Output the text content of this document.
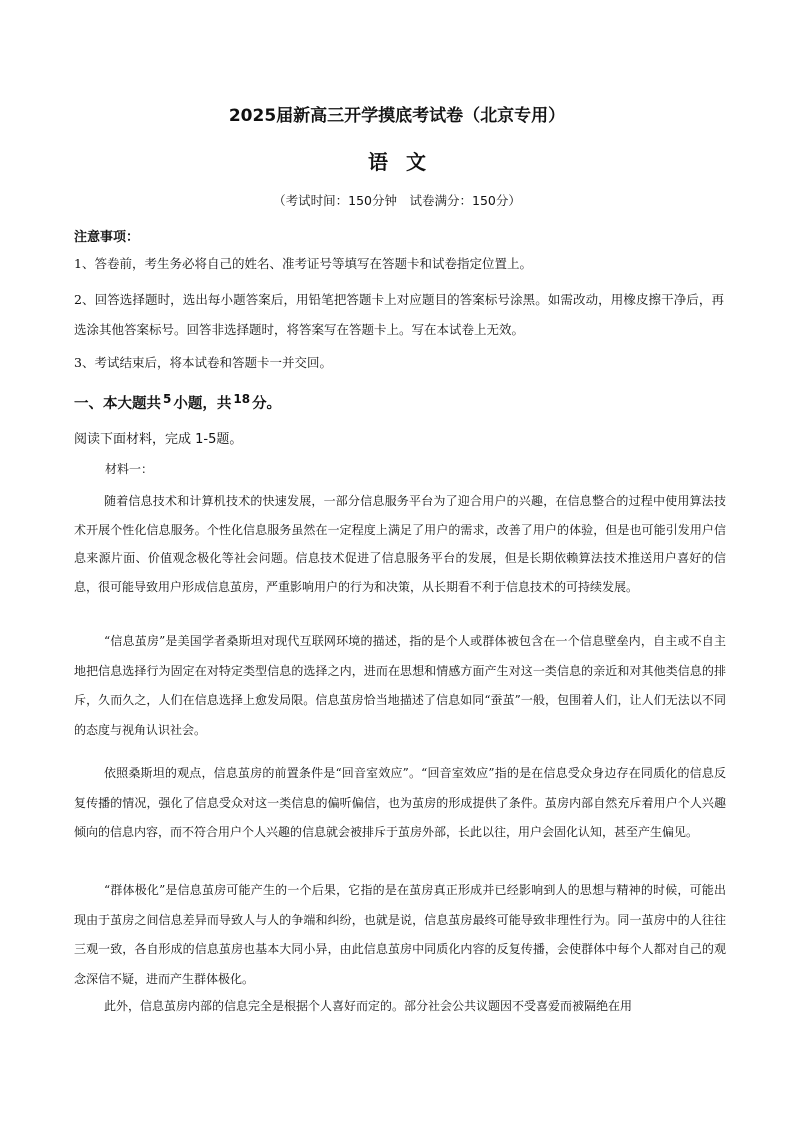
2025届新高三开学摸底考试卷（北京专用）
语文
（考试时间：150分钟　试卷满分：150分）
注意事项：
1、答卷前，考生务必将自己的姓名、准考证号等填写在答题卡和试卷指定位置上。
2、回答选择题时，选出每小题答案后，用铅笔把答题卡上对应题目的答案标号涂黑。如需改动，用橡皮擦干净后，再选涂其他答案标号。回答非选择题时，将答案写在答题卡上。写在本试卷上无效。
3、考试结束后，将本试卷和答题卡一并交回。
一、本大题共 $^5$ 小题，共 $^{18}$ 分。
阅读下面材料，完成 1-5题。
材料一：
随着信息技术和计算机技术的快速发展，一部分信息服务平台为了迎合用户的兴趣，在信息整合的过程中使用算法技术开展个性化信息服务。个性化信息服务虽然在一定程度上满足了用户的需求，改善了用户的体验，但是也可能引发用户信息来源片面、价值观念极化等社会问题。信息技术促进了信息服务平台的发展，但是长期依赖算法技术推送用户喜好的信息，很可能导致用户形成信息茧房，严重影响用户的行为和决策，从长期看不利于信息技术的可持续发展。
“信息茧房”是美国学者桑斯坦对现代互联网环境的描述，指的是个人或群体被包含在一个信息壁垒内，自主或不自主地把信息选择行为固定在对特定类型信息的选择之内，进而在思想和情感方面产生对这一类信息的亲近和对其他类信息的排斥，久而久之，人们在信息选择上愈发局限。信息茧房恰当地描述了信息如同“蚕茧”一般，包围着人们，让人们无法以不同的态度与视角认识社会。
依照桑斯坦的观点，信息茧房的前置条件是“回音室效应”。“回音室效应”指的是在信息受众身边存在同质化的信息反复传播的情况，强化了信息受众对这一类信息的偏听偏信，也为茧房的形成提供了条件。茧房内部自然充斥着用户个人兴趣倾向的信息内容，而不符合用户个人兴趣的信息就会被排斥于茧房外部，长此以往，用户会固化认知，甚至产生偏见。
“群体极化”是信息茧房可能产生的一个后果，它指的是在茧房真正形成并已经影响到人的思想与精神的时候，可能出现由于茧房之间信息差异而导致人与人的争端和纠纷，也就是说，信息茧房最终可能导致非理性行为。同一茧房中的人往往三观一致，各自形成的信息茧房也基本大同小异，由此信息茧房中同质化内容的反复传播，会使群体中每个人都对自己的观念深信不疑，进而产生群体极化。
此外，信息茧房内部的信息完全是根据个人喜好而定的。部分社会公共议题因不受喜爱而被隔绝在用
